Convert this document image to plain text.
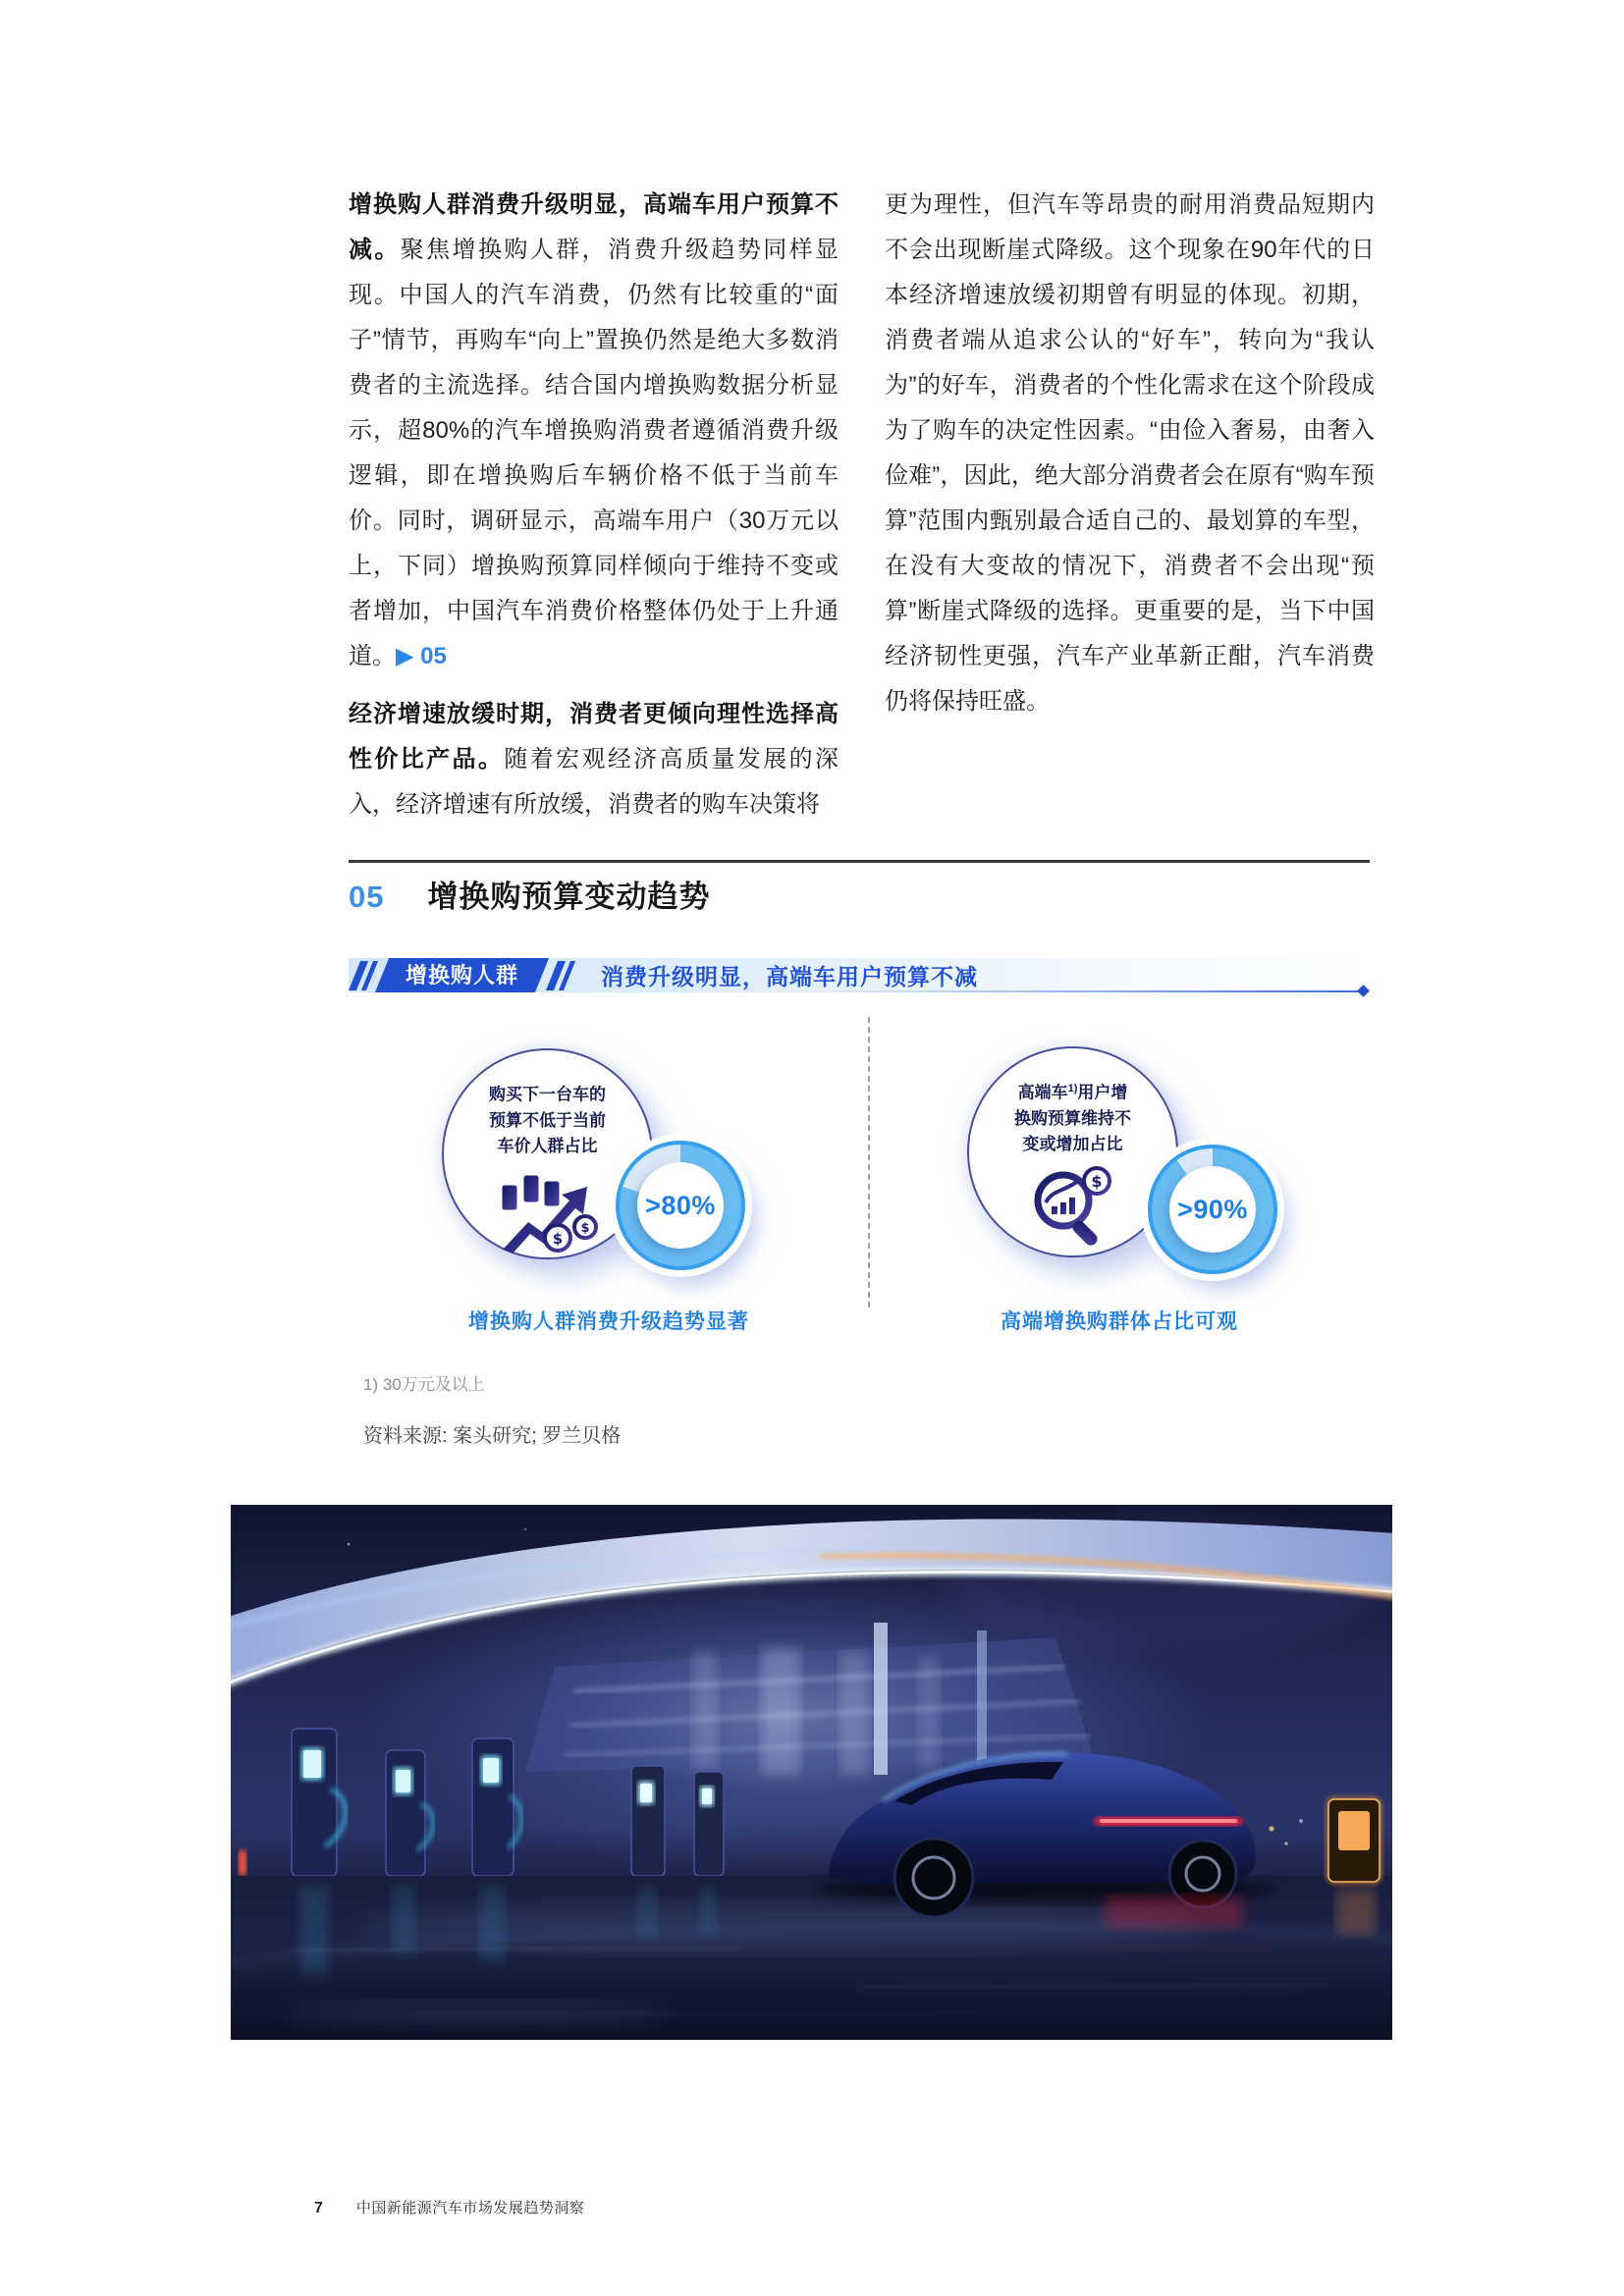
增换购人群消费升级明显，高端车用户预算不减。聚焦增换购人群，消费升级趋势同样显现。中国人的汽车消费，仍然有比较重的“面子”情节，再购车“向上”置换仍然是绝大多数消费者的主流选择。结合国内增换购数据分析显示，超80%的汽车增换购消费者遵循消费升级逻辑，即在增换购后车辆价格不低于当前车价。同时，调研显示，高端车用户（30万元以上，下同）增换购预算同样倾向于维持不变或者增加，中国汽车消费价格整体仍处于上升通道。▶ 05

经济增速放缓时期，消费者更倾向理性选择高性价比产品。随着宏观经济高质量发展的深入，经济增速有所放缓，消费者的购车决策将

更为理性，但汽车等昂贵的耐用消费品短期内不会出现断崖式降级。这个现象在90年代的日本经济增速放缓初期曾有明显的体现。初期，消费者端从追求公认的“好车”，转向为“我认为”的好车，消费者的个性化需求在这个阶段成为了购车的决定性因素。“由俭入奢易，由奢入俭难”，因此，绝大部分消费者会在原有“购车预算”范围内甄别最合适自己的、最划算的车型，在没有大变故的情况下，消费者不会出现“预算”断崖式降级的选择。更重要的是，当下中国经济韧性更强，汽车产业革新正酣，汽车消费仍将保持旺盛。

05 增换购预算变动趋势
增换购人群	消费升级明显，高端车用户预算不减
购买下一台车的
预算不低于当前
车价人群占比
$
$
>80%
增换购人群消费升级趋势显著
高端车$^{1)}$用户增
换购预算维持不
变或增加占比
$
>90%
高端增换购群体占比可观
1) 30万元及以上
资料来源: 案头研究; 罗兰贝格
7 中国新能源汽车市场发展趋势洞察
